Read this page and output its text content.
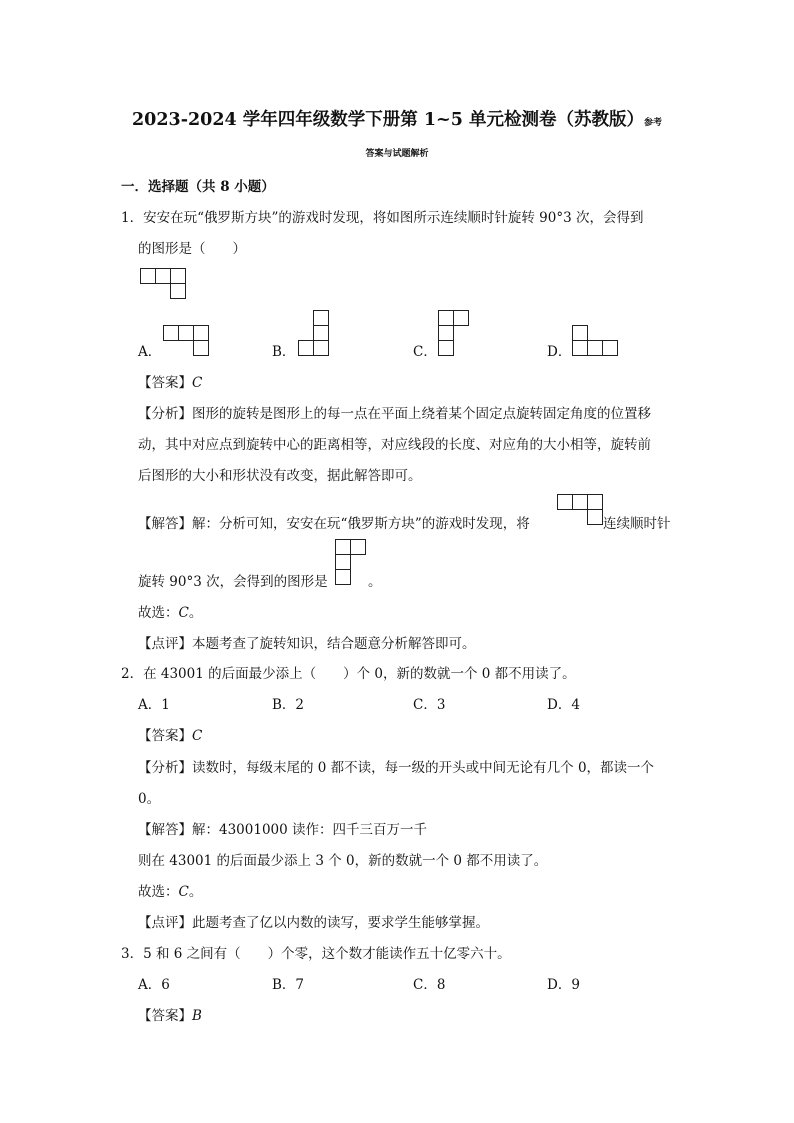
2023-2024 学年四年级数学下册第 1~5 单元检测卷（苏教版）参考
答案与试题解析
一．选择题（共 8 小题）
1．安安在玩“俄罗斯方块”的游戏时发现，将如图所示连续顺时针旋转 90°3 次，会得到
的图形是（　　）
A．	B．	C．	D．
【答案】C
【分析】图形的旋转是图形上的每一点在平面上绕着某个固定点旋转固定角度的位置移
动，其中对应点到旋转中心的距离相等，对应线段的长度、对应角的大小相等，旋转前
后图形的大小和形状没有改变，据此解答即可。
【解答】解：分析可知，安安在玩“俄罗斯方块”的游戏时发现，将	连续顺时针
旋转 90°3 次，会得到的图形是	。
故选：C。
【点评】本题考查了旋转知识，结合题意分析解答即可。
2．在 43001 的后面最少添上（　　）个 0，新的数就一个 0 都不用读了。
A．1	B．2	C．3	D．4
【答案】C
【分析】读数时，每级末尾的 0 都不读，每一级的开头或中间无论有几个 0，都读一个
0。
【解答】解：43001000 读作：四千三百万一千
则在 43001 的后面最少添上 3 个 0，新的数就一个 0 都不用读了。
故选：C。
【点评】此题考查了亿以内数的读写，要求学生能够掌握。
3．5 和 6 之间有（　　）个零，这个数才能读作五十亿零六十。
A．6	B．7	C．8	D．9
【答案】B
